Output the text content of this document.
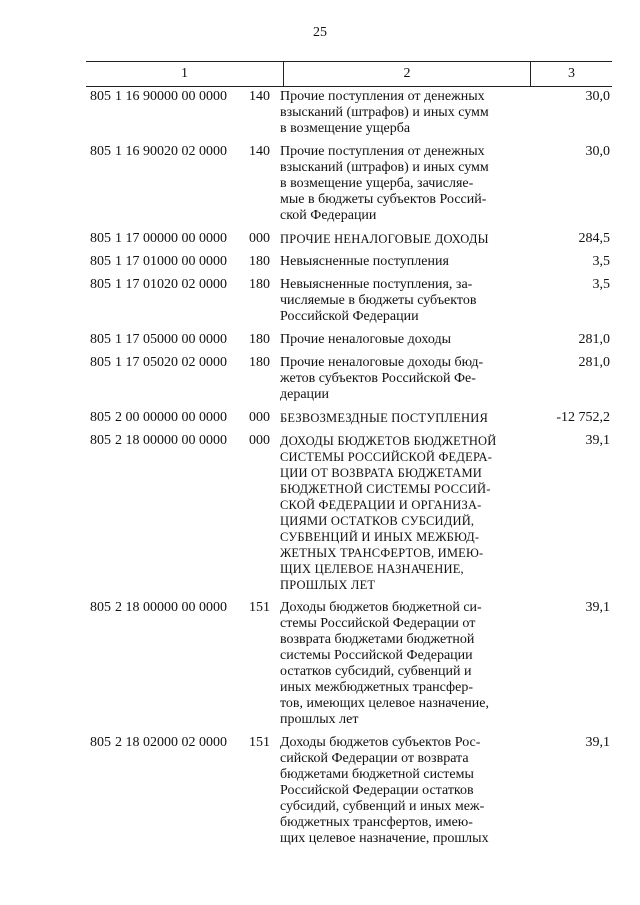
25
1	2	3
805 1 16 90000 00 0000	140 Прочие поступления от денежных
взысканий (штрафов) и иных сумм
в возмещение ущерба
30,0
805 1 16 90020 02 0000	140 Прочие поступления от денежных
взысканий (штрафов) и иных сумм
в возмещение ущерба, зачисляе-
мые в бюджеты субъектов Россий-
ской Федерации
30,0
805 1 17 00000 00 0000	000 ПРОЧИЕ НЕНАЛОГОВЫЕ ДОХОДЫ	284,5
805 1 17 01000 00 0000	180 Невыясненные поступления	3,5
805 1 17 01020 02 0000	180 Невыясненные поступления, за-
числяемые в бюджеты субъектов
Российской Федерации
3,5
805 1 17 05000 00 0000	180 Прочие неналоговые доходы	281,0
805 1 17 05020 02 0000	180 Прочие неналоговые доходы бюд-
жетов субъектов Российской Фе-
дерации
281,0
805 2 00 00000 00 0000	000 БЕЗВОЗМЕЗДНЫЕ ПОСТУПЛЕНИЯ	-12 752,2
805 2 18 00000 00 0000	000 ДОХОДЫ БЮДЖЕТОВ БЮДЖЕТНОЙ
СИСТЕМЫ РОССИЙСКОЙ ФЕДЕРА-
ЦИИ ОТ ВОЗВРАТА БЮДЖЕТАМИ
БЮДЖЕТНОЙ СИСТЕМЫ РОССИЙ-
СКОЙ ФЕДЕРАЦИИ И ОРГАНИЗА-
ЦИЯМИ ОСТАТКОВ СУБСИДИЙ,
СУБВЕНЦИЙ И ИНЫХ МЕЖБЮД-
ЖЕТНЫХ ТРАНСФЕРТОВ, ИМЕЮ-
ЩИХ ЦЕЛЕВОЕ НАЗНАЧЕНИЕ,
ПРОШЛЫХ ЛЕТ
39,1
805 2 18 00000 00 0000	151 Доходы бюджетов бюджетной си-
стемы Российской Федерации от
возврата бюджетами бюджетной
системы Российской Федерации
остатков субсидий, субвенций и
иных межбюджетных трансфер-
тов, имеющих целевое назначение,
прошлых лет
39,1
805 2 18 02000 02 0000	151 Доходы бюджетов субъектов Рос-
сийской Федерации от возврата
бюджетами бюджетной системы
Российской Федерации остатков
субсидий, субвенций и иных меж-
бюджетных трансфертов, имею-
щих целевое назначение, прошлых
39,1
